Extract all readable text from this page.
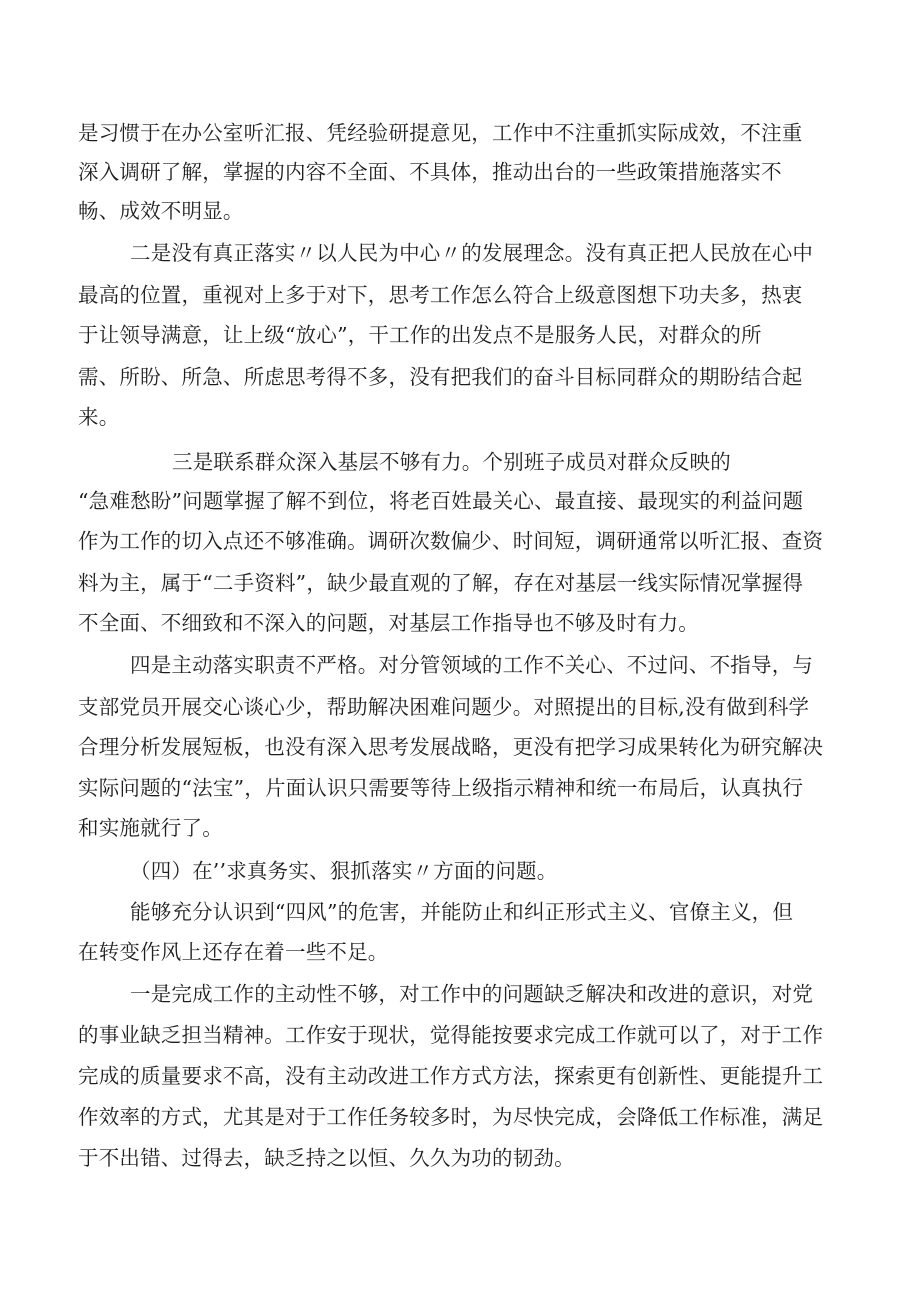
是习惯于在办公室听汇报、凭经验研提意见，工作中不注重抓实际成效，不注重
深入调研了解，掌握的内容不全面、不具体，推动出台的一些政策措施落实不
畅、成效不明显。
二是没有真正落实〃以人民为中心〃的发展理念。没有真正把人民放在心中
最高的位置，重视对上多于对下，思考工作怎么符合上级意图想下功夫多，热衷
于让领导满意，让上级“放心”，干工作的出发点不是服务人民，对群众的所
需、所盼、所急、所虑思考得不多，没有把我们的奋斗目标同群众的期盼结合起
来。
三是联系群众深入基层不够有力。个别班子成员对群众反映的
“急难愁盼”问题掌握了解不到位，将老百姓最关心、最直接、最现实的利益问题
作为工作的切入点还不够准确。调研次数偏少、时间短，调研通常以听汇报、查资
料为主，属于“二手资料”，缺少最直观的了解，存在对基层一线实际情况掌握得
不全面、不细致和不深入的问题，对基层工作指导也不够及时有力。
四是主动落实职责不严格。对分管领域的工作不关心、不过问、不指导，与
支部党员开展交心谈心少，帮助解决困难问题少。对照提出的目标,没有做到科学
合理分析发展短板，也没有深入思考发展战略，更没有把学习成果转化为研究解决
实际问题的“法宝”，片面认识只需要等待上级指示精神和统一布局后，认真执行
和实施就行了。
（四）在’’求真务实、狠抓落实〃方面的问题。
能够充分认识到“四风”的危害，并能防止和纠正形式主义、官僚主义，但
在转变作风上还存在着一些不足。
一是完成工作的主动性不够，对工作中的问题缺乏解决和改进的意识，对党
的事业缺乏担当精神。工作安于现状，觉得能按要求完成工作就可以了，对于工作
完成的质量要求不高，没有主动改进工作方式方法，探索更有创新性、更能提升工
作效率的方式，尤其是对于工作任务较多时，为尽快完成，会降低工作标准，满足
于不出错、过得去，缺乏持之以恒、久久为功的韧劲。
